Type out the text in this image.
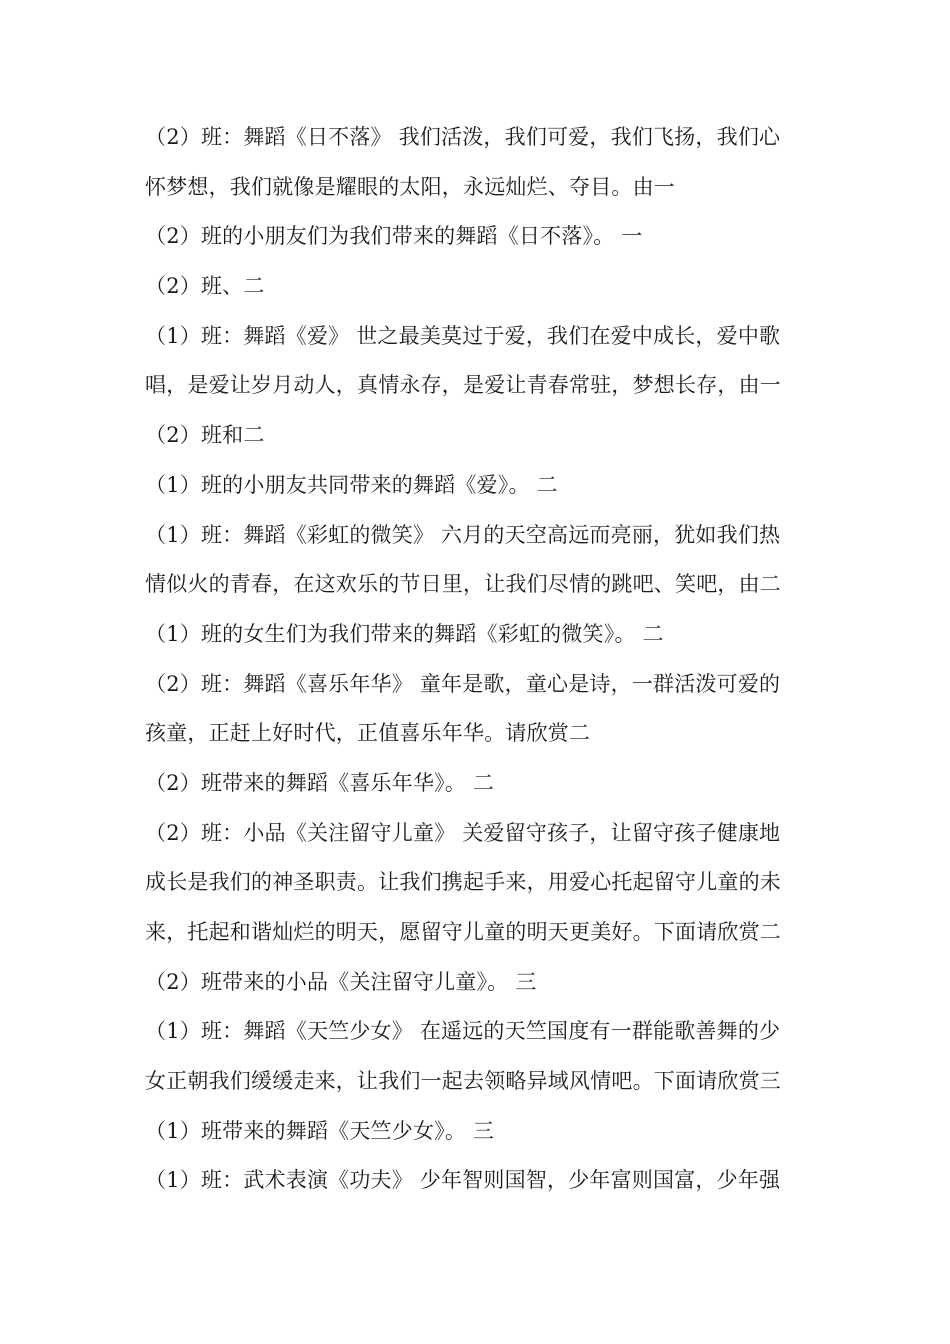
（2）班：舞蹈《日不落》 我们活泼，我们可爱，我们飞扬，我们心
怀梦想，我们就像是耀眼的太阳，永远灿烂、夺目。由一
（2）班的小朋友们为我们带来的舞蹈《日不落》。 一
（2）班、二
（1）班：舞蹈《爱》 世之最美莫过于爱，我们在爱中成长，爱中歌
唱，是爱让岁月动人，真情永存，是爱让青春常驻，梦想长存，由一
（2）班和二
（1）班的小朋友共同带来的舞蹈《爱》。 二
（1）班：舞蹈《彩虹的微笑》 六月的天空高远而亮丽，犹如我们热
情似火的青春，在这欢乐的节日里，让我们尽情的跳吧、笑吧，由二
（1）班的女生们为我们带来的舞蹈《彩虹的微笑》。 二
（2）班：舞蹈《喜乐年华》 童年是歌，童心是诗，一群活泼可爱的
孩童，正赶上好时代，正值喜乐年华。请欣赏二
（2）班带来的舞蹈《喜乐年华》。 二
（2）班：小品《关注留守儿童》 关爱留守孩子，让留守孩子健康地
成长是我们的神圣职责。让我们携起手来，用爱心托起留守儿童的未
来，托起和谐灿烂的明天，愿留守儿童的明天更美好。下面请欣赏二
（2）班带来的小品《关注留守儿童》。 三
（1）班：舞蹈《天竺少女》 在遥远的天竺国度有一群能歌善舞的少
女正朝我们缓缓走来，让我们一起去领略异域风情吧。下面请欣赏三
（1）班带来的舞蹈《天竺少女》。 三
（1）班：武术表演《功夫》 少年智则国智，少年富则国富，少年强
